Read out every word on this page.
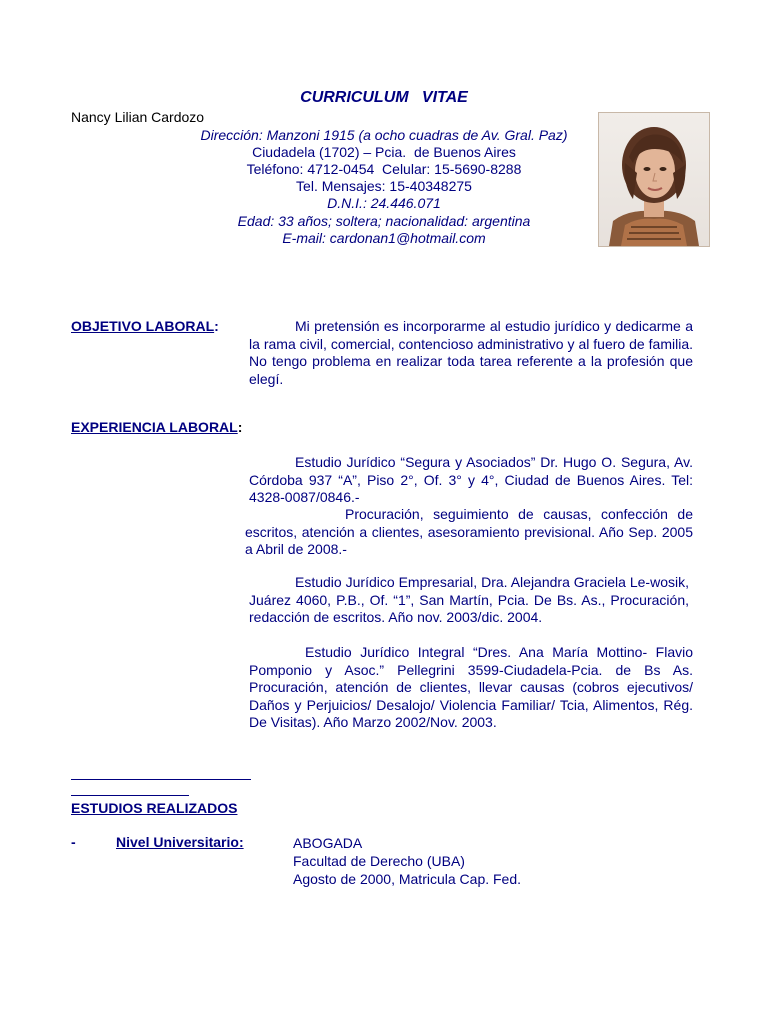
CURRICULUM   VITAE
Nancy Lilian Cardozo
Dirección: Manzoni 1915 (a ocho cuadras de Av. Gral. Paz)
Ciudadela (1702) – Pcia.  de Buenos Aires
Teléfono: 4712-0454  Celular: 15-5690-8288
Tel. Mensajes: 15-40348275
D.N.I.: 24.446.071
Edad: 33 años; soltera; nacionalidad: argentina
E-mail: cardonan1@hotmail.com
OBJETIVO LABORAL:	Mi pretensión es incorporarme al estudio jurídico y dedicarme a la rama civil, comercial, contencioso administrativo y al fuero de familia. No tengo problema en realizar toda tarea referente a la profesión que elegí.
EXPERIENCIA LABORAL:
Estudio Jurídico “Segura y Asociados” Dr. Hugo O. Segura, Av. Córdoba 937 “A”, Piso 2°, Of. 3° y 4°, Ciudad de Buenos Aires. Tel: 4328-0087/0846.-
Procuración, seguimiento de causas, confección de escritos, atención a clientes, asesoramiento previsional. Año Sep. 2005 a Abril de 2008.-
Estudio Jurídico Empresarial, Dra. Alejandra Graciela Le-wosik, Juárez 4060, P.B., Of. “1”, San Martín, Pcia. De Bs. As., Procuración, redacción de escritos. Año nov. 2003/dic. 2004.
Estudio Jurídico Integral “Dres. Ana María Mottino- Flavio Pomponio y Asoc.” Pellegrini 3599-Ciudadela-Pcia. de Bs As. Procuración, atención de clientes, llevar causas (cobros ejecutivos/ Daños y Perjuicios/ Desalojo/ Violencia Familiar/ Tcia, Alimentos, Rég. De Visitas). Año Marzo 2002/Nov. 2003.
ESTUDIOS REALIZADOS
-	Nivel Universitario:	ABOGADA
Facultad de Derecho (UBA)
Agosto de 2000, Matricula Cap. Fed.
